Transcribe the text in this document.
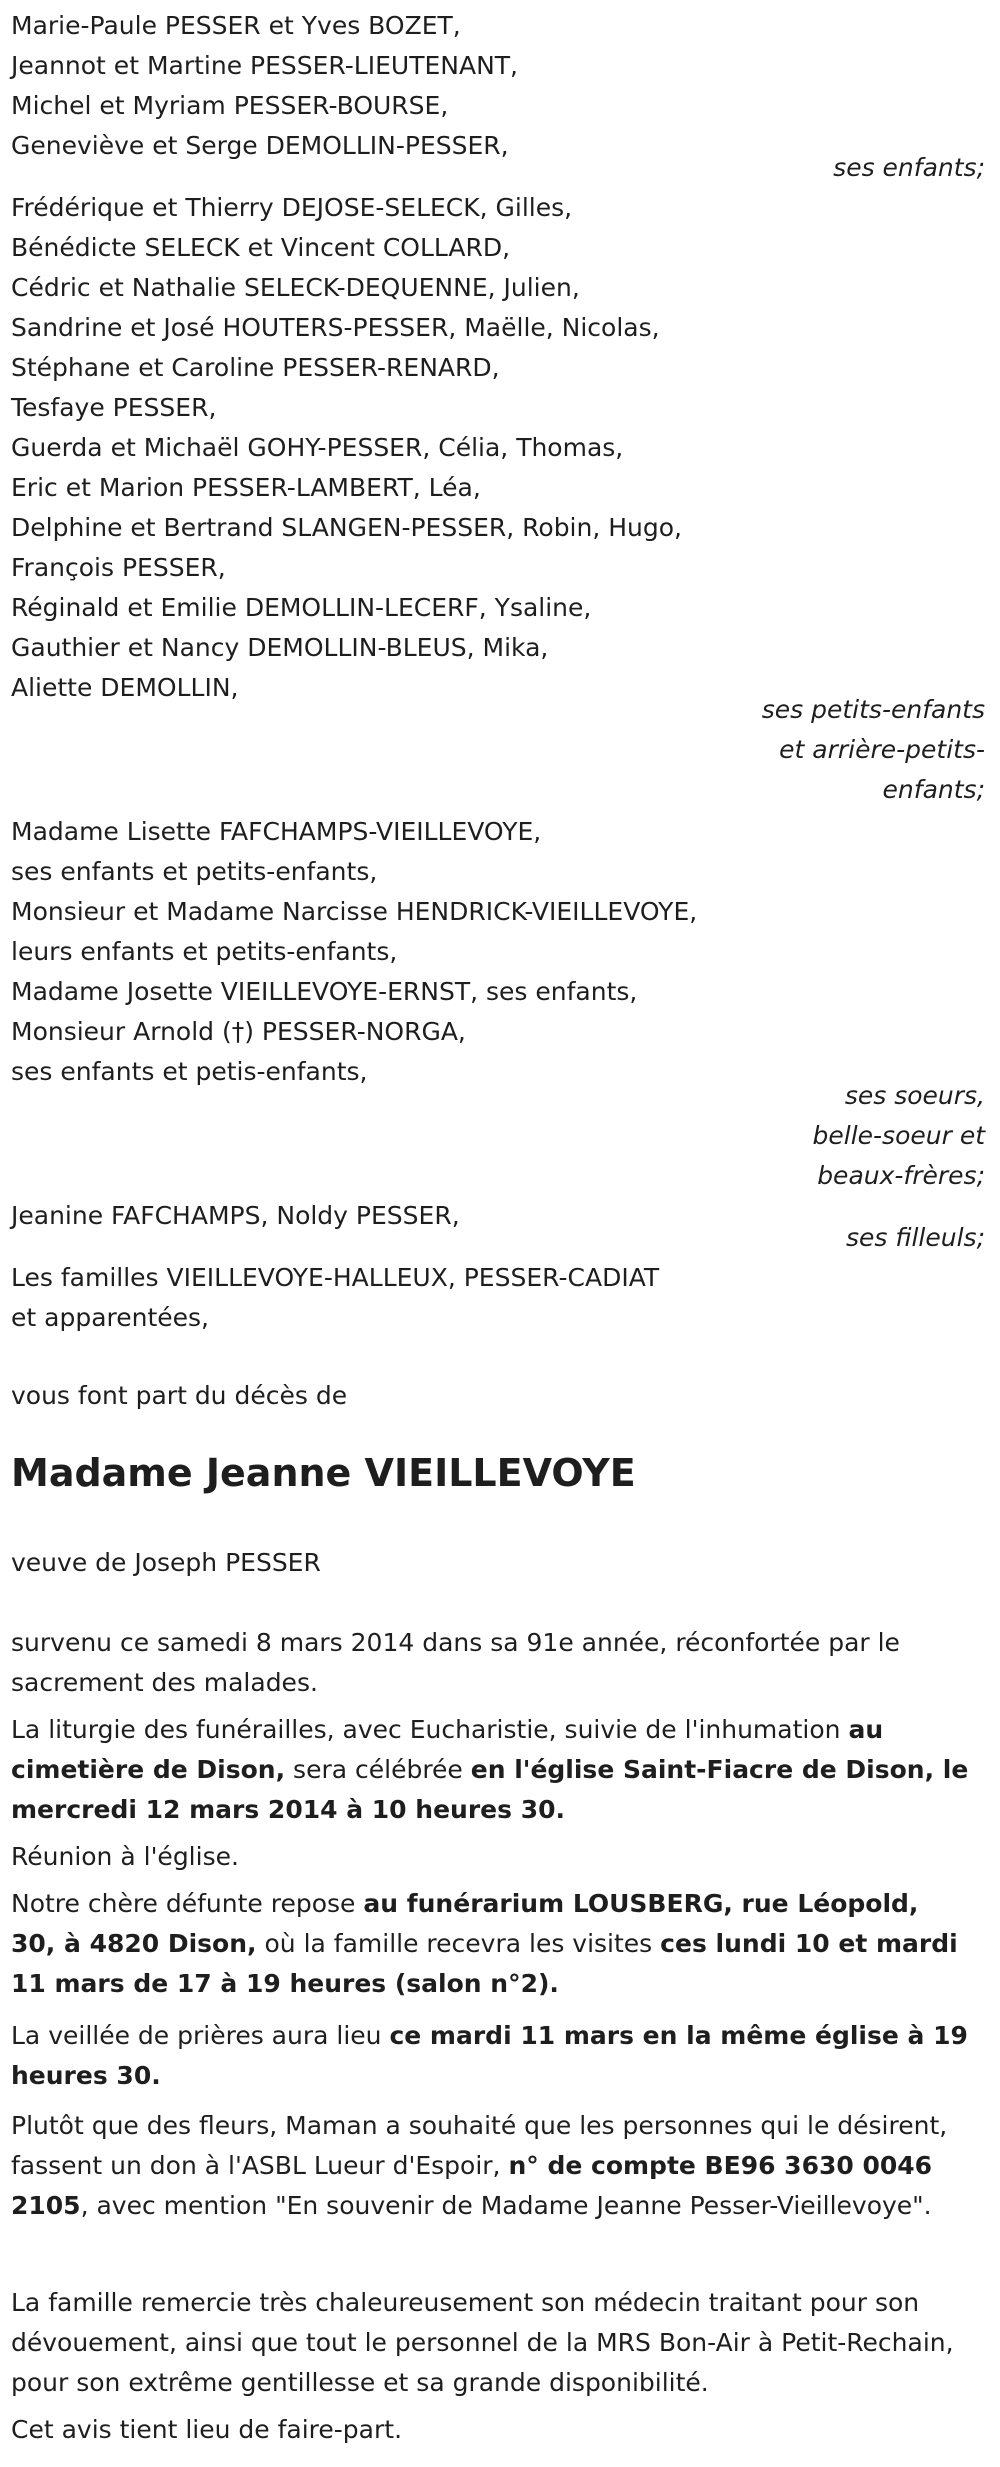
Marie-Paule PESSER et Yves BOZET,
Jeannot et Martine PESSER-LIEUTENANT,
Michel et Myriam PESSER-BOURSE,
Geneviève et Serge DEMOLLIN-PESSER,
ses enfants;
Frédérique et Thierry DEJOSE-SELECK, Gilles,
Bénédicte SELECK et Vincent COLLARD,
Cédric et Nathalie SELECK-DEQUENNE, Julien,
Sandrine et José HOUTERS-PESSER, Maëlle, Nicolas,
Stéphane et Caroline PESSER-RENARD,
Tesfaye PESSER,
Guerda et Michaël GOHY-PESSER, Célia, Thomas,
Eric et Marion PESSER-LAMBERT, Léa,
Delphine et Bertrand SLANGEN-PESSER, Robin, Hugo,
François PESSER,
Réginald et Emilie DEMOLLIN-LECERF, Ysaline,
Gauthier et Nancy DEMOLLIN-BLEUS, Mika,
Aliette DEMOLLIN,
ses petits-enfants
et arrière-petits-
enfants;
Madame Lisette FAFCHAMPS-VIEILLEVOYE,
ses enfants et petits-enfants,
Monsieur et Madame Narcisse HENDRICK-VIEILLEVOYE,
leurs enfants et petits-enfants,
Madame Josette VIEILLEVOYE-ERNST, ses enfants,
Monsieur Arnold (†) PESSER-NORGA,
ses enfants et petis-enfants,
ses soeurs,
belle-soeur et
beaux-frères;
Jeanine FAFCHAMPS, Noldy PESSER,
ses filleuls;
Les familles VIEILLEVOYE-HALLEUX, PESSER-CADIAT
et apparentées,
vous font part du décès de
Madame Jeanne VIEILLEVOYE
veuve de Joseph PESSER
survenu ce samedi 8 mars 2014 dans sa 91e année, réconfortée par le sacrement des malades.
La liturgie des funérailles, avec Eucharistie, suivie de l'inhumation au cimetière de Dison, sera célébrée en l'église Saint-Fiacre de Dison, le mercredi 12 mars 2014 à 10 heures 30.
Réunion à l'église.
Notre chère défunte repose au funérarium LOUSBERG, rue Léopold, 30, à 4820 Dison, où la famille recevra les visites ces lundi 10 et mardi 11 mars de 17 à 19 heures (salon n°2).
La veillée de prières aura lieu ce mardi 11 mars en la même église à 19 heures 30.
Plutôt que des fleurs, Maman a souhaité que les personnes qui le désirent, fassent un don à l'ASBL Lueur d'Espoir, n° de compte BE96 3630 0046 2105, avec mention "En souvenir de Madame Jeanne Pesser-Vieillevoye".
La famille remercie très chaleureusement son médecin traitant pour son dévouement, ainsi que tout le personnel de la MRS Bon-Air à Petit-Rechain, pour son extrême gentillesse et sa grande disponibilité.
Cet avis tient lieu de faire-part.
